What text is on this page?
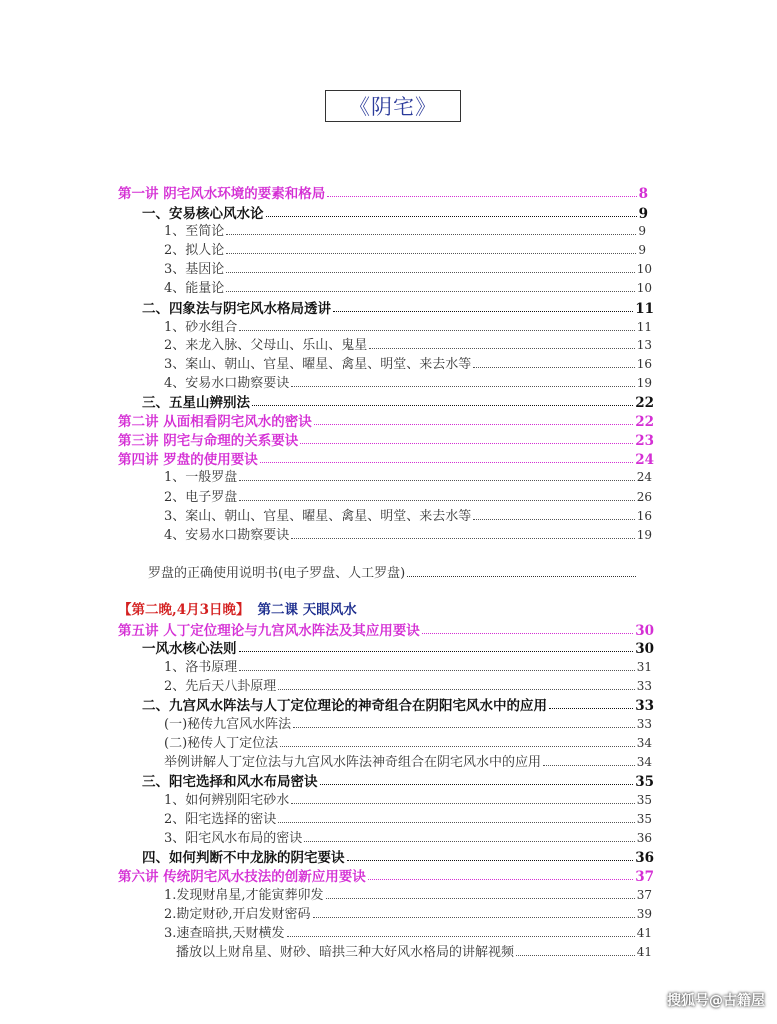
《阴宅》
第一讲 阴宅风水环境的要素和格局	8
一、安易核心风水论	9
1、至简论	9
2、拟人论	9
3、基因论	10
4、能量论	10
二、四象法与阴宅风水格局透讲	11
1、砂水组合	11
2、来龙入脉、父母山、乐山、鬼星	13
3、案山、朝山、官星、曜星、禽星、明堂、来去水等	16
4、安易水口勘察要诀	19
三、五星山辨别法	22
第二讲 从面相看阴宅风水的密诀	22
第三讲 阴宅与命理的关系要诀	23
第四讲 罗盘的使用要诀	24
1、一般罗盘	24
2、电子罗盘	26
3、案山、朝山、官星、曜星、禽星、明堂、来去水等	16
4、安易水口勘察要诀	19
罗盘的正确使用说明书(电子罗盘、人工罗盘)
【第二晚,4月3日晚】 第二课 天眼风水
第五讲 人丁定位理论与九宫风水阵法及其应用要诀	30
一风水核心法则	30
1、洛书原理	31
2、先后天八卦原理	33
二、九宫风水阵法与人丁定位理论的神奇组合在阴阳宅风水中的应用	33
(一)秘传九宫风水阵法	33
(二)秘传人丁定位法	34
举例讲解人丁定位法与九宫风水阵法神奇组合在阴宅风水中的应用	34
三、阳宅选择和风水布局密诀	35
1、如何辨别阳宅砂水	35
2、阳宅选择的密诀	35
3、阳宅风水布局的密诀	36
四、如何判断不中龙脉的阴宅要诀	36
第六讲 传统阴宅风水技法的创新应用要诀	37
1.发现财帛星,才能寅葬卯发	37
2.勘定财砂,开启发财密码	39
3.速查暗拱,天财横发	41
播放以上财帛星、财砂、暗拱三种大好风水格局的讲解视频	41
搜狐号@古籍屋
